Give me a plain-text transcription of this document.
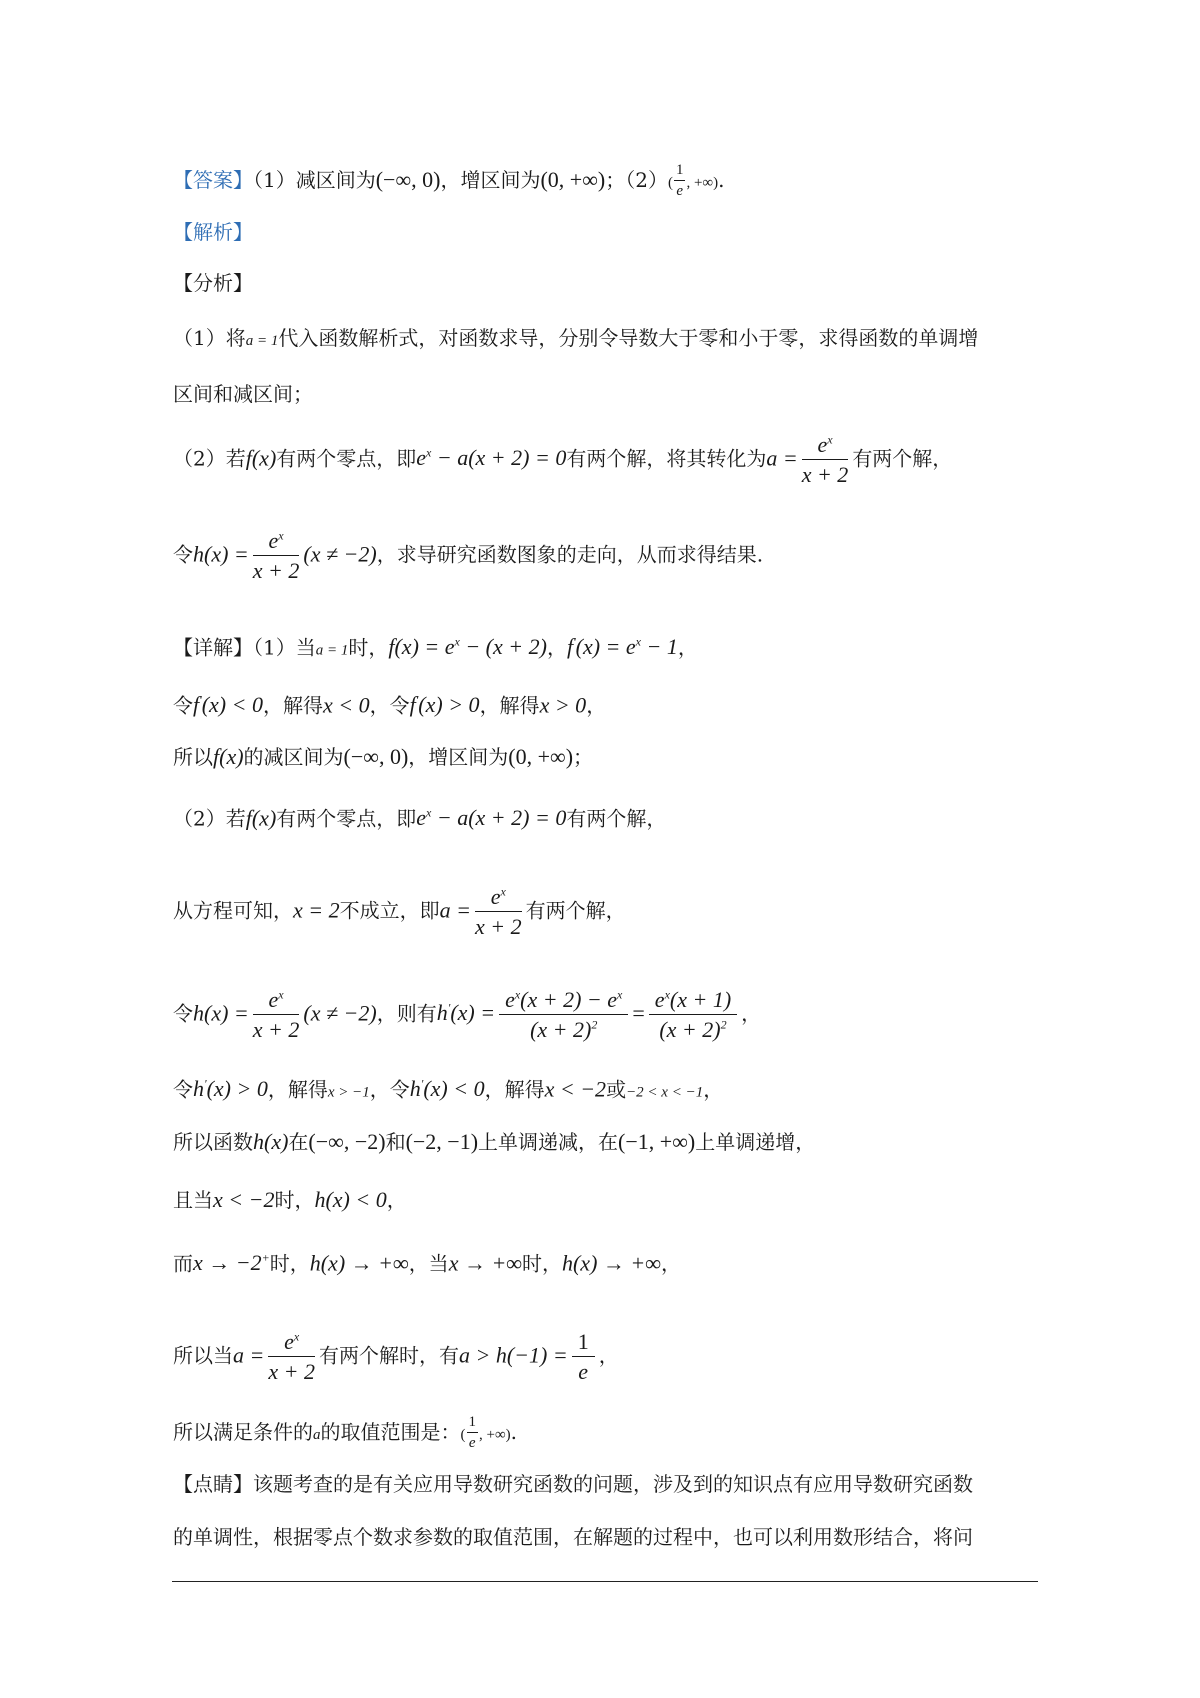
【答案】（1）减区间为(−∞, 0)，增区间为(0, +∞)；$(2)( \frac{1}{e}$ , +∞).
【解析】
【分析】
（1）将a = 1代入函数解析式，对函数求导，分别令导数大于零和小于零，求得函数的单调增
区间和减区间；
（2）若f(x)有两个零点，即$e^x - a(x + 2) = 0$有两个解，将其转化为$a = \frac{e^x}{x + 2}$ 有两个解，
令$h(x) = \frac{e^x}{x + 2} (x \ne -2)$，求导研究函数图象的走向，从而求得结果.
【详解】（1）当a = 1时，$f(x) = e^x - (x + 2)$，$f'(x) = e^x - 1$，
令f'(x) < 0，解得x < 0，令f'(x) > 0，解得x > 0，
所以f(x)的减区间为(−∞, 0)，增区间为(0, +∞)；
（2）若f(x)有两个零点，即$e^x - a(x + 2) = 0$有两个解，
从方程可知，x = 2不成立，即$a = \frac{e^x}{x + 2}$ 有两个解，
令$h(x) = \frac{e^x}{x + 2} (x \ne -2)$，则有$h'(x) = \frac{e^x(x + 2) - e^x}{(x + 2)^2} = \frac{e^x(x + 1)}{(x + 2)^2}$ ，
令h'(x) > 0，解得x > −1，令h'(x) < 0，解得x < −2或−2 < x < −1，
所以函数h(x)在(−∞, −2)和(−2, −1)上单调递减，在(−1, +∞)上单调递增，
且当x < −2时，h(x) < 0，
而x → −2+时，h(x) → +∞，当x → +∞时，h(x) → +∞，
所以当$a = \frac{e^x}{x + 2}$ 有两个解时，有$a > h(-1) = \frac{1}{e}$ ，
所以满足条件的a的取值范围是：( $\frac{1}{e}$ , +∞).
【点睛】该题考查的是有关应用导数研究函数的问题，涉及到的知识点有应用导数研究函数
的单调性，根据零点个数求参数的取值范围，在解题的过程中，也可以利用数形结合，将问
